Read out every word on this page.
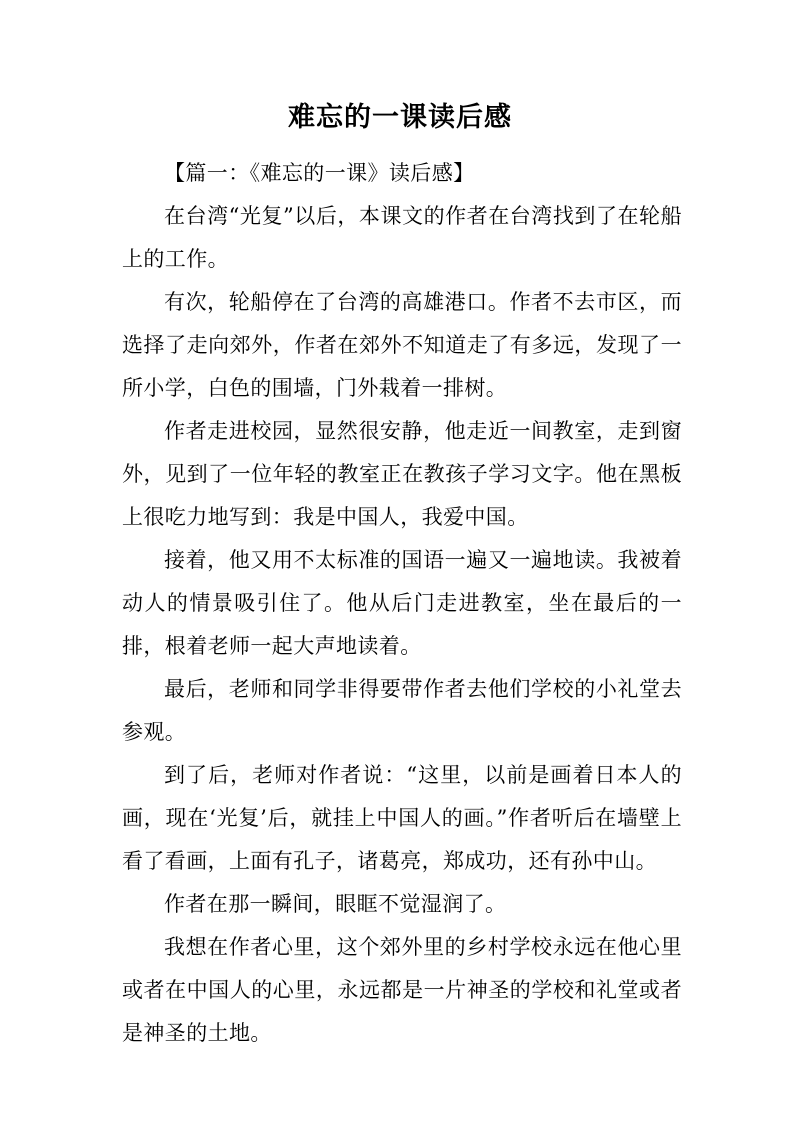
难忘的一课读后感

【篇一：《难忘的一课》读后感】

在台湾“光复”以后，本课文的作者在台湾找到了在轮船上的工作。

有次，轮船停在了台湾的高雄港口。作者不去市区，而选择了走向郊外，作者在郊外不知道走了有多远，发现了一所小学，白色的围墙，门外栽着一排树。

作者走进校园，显然很安静，他走近一间教室，走到窗外，见到了一位年轻的教室正在教孩子学习文字。他在黑板上很吃力地写到：我是中国人，我爱中国。

接着，他又用不太标准的国语一遍又一遍地读。我被着动人的情景吸引住了。他从后门走进教室，坐在最后的一排，根着老师一起大声地读着。

最后，老师和同学非得要带作者去他们学校的小礼堂去参观。

到了后，老师对作者说：“这里，以前是画着日本人的画，现在‘光复’后，就挂上中国人的画。”作者听后在墙壁上看了看画，上面有孔子，诸葛亮，郑成功，还有孙中山。

作者在那一瞬间，眼眶不觉湿润了。

我想在作者心里，这个郊外里的乡村学校永远在他心里或者在中国人的心里，永远都是一片神圣的学校和礼堂或者是神圣的土地。
